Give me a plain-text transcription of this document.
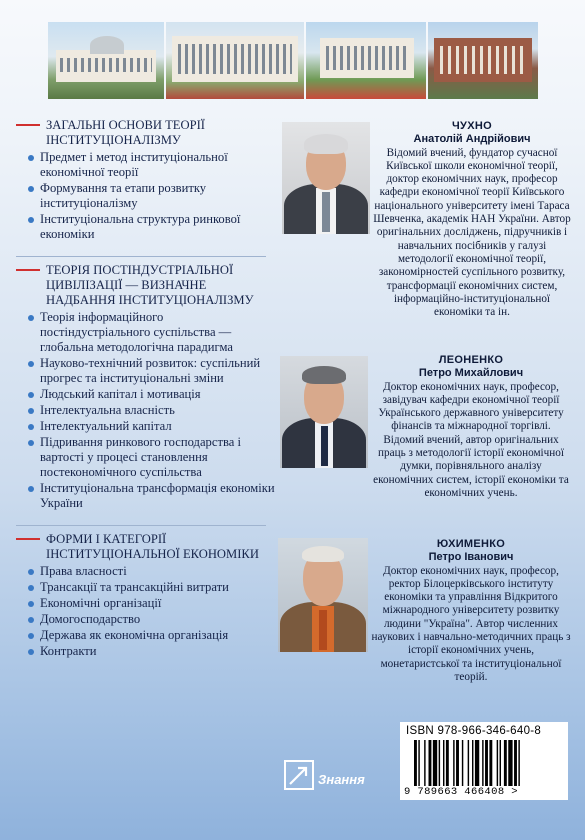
ЗАГАЛЬНІ ОСНОВИ ТЕОРІЇ ІНСТИТУЦІОНАЛІЗМУ
Предмет і метод інституціональної економічної теорії
Формування та етапи розвитку інституціоналізму
Інституціональна структура ринкової економіки
ТЕОРІЯ ПОСТІНДУСТРІАЛЬНОЇ ЦИВІЛІЗАЦІЇ — ВИЗНАЧНЕ НАДБАННЯ ІНСТИТУЦІОНАЛІЗМУ
Теорія інформаційного постіндустріального суспільства — глобальна методологічна парадигма
Науково-технічний розвиток: суспільний прогрес та інституціональні зміни
Людський капітал і мотивація
Інтелектуальна власність
Інтелектуальний капітал
Підривання ринкового господарства і вартості у процесі становлення постекономічного суспільства
Інституціональна трансформація економіки України
ФОРМИ І КАТЕГОРІЇ ІНСТИТУЦІОНАЛЬНОЇ ЕКОНОМІКИ
Права власності
Трансакції та трансакційні витрати
Економічні організації
Домогосподарство
Держава як економічна організація
Контракти
ЧУХНО
Анатолій Андрійович
Відомий вчений, фундатор сучасної Київської школи економічної теорії, доктор економічних наук, професор кафедри економічної теорії Київського національного університету імені Тараса Шевченка, академік НАН України. Автор оригінальних досліджень, підручників і навчальних посібників у галузі методології економічної теорії, закономірностей суспільного розвитку, трансформації економічних систем, інформаційно-інституціональної економіки та ін.
ЛЕОНЕНКО
Петро Михайлович
Доктор економічних наук, професор, завідувач кафедри економічної теорії Українського державного університету фінансів та міжнародної торгівлі. Відомий вчений, автор оригінальних праць з методології історії економічної думки, порівняльного аналізу економічних систем, історії економіки та економічних учень.
ЮХИМЕНКО
Петро Іванович
Доктор економічних наук, професор, ректор Білоцерківського інституту економіки та управління Відкритого міжнародного університету розвитку людини "Україна". Автор численних наукових і навчально-методичних праць з історії економічних учень, монетаристської та інституціональної теорій.
Знання
ISBN 978-966-346-640-8
9 789663 466408 >
